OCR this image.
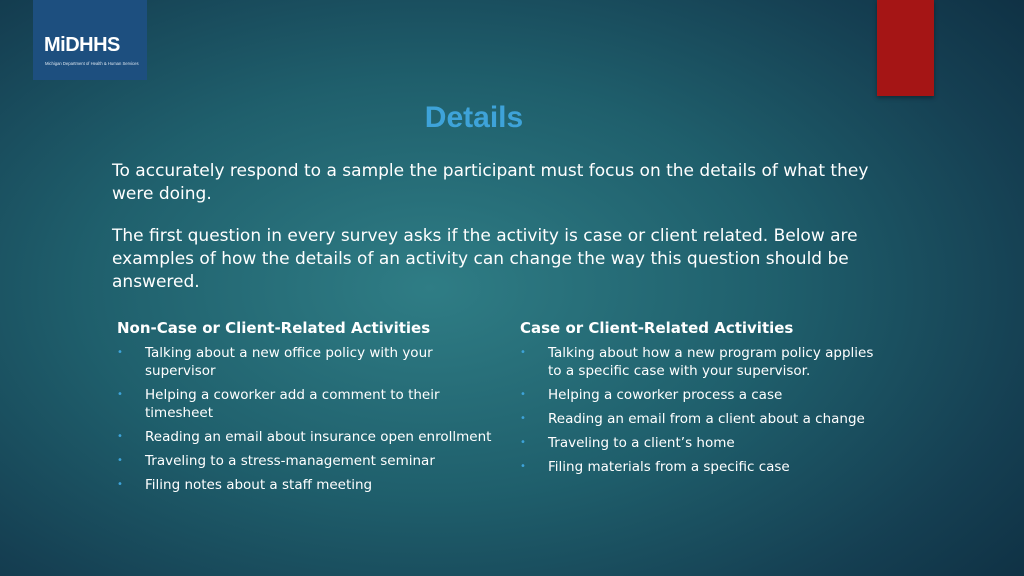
MiDHHS
Michigan Department of Health & Human Services
Details
To accurately respond to a sample the participant must focus on the details of what they were doing.
The first question in every survey asks if the activity is case or client related. Below are examples of how the details of an activity can change the way this question should be answered.
Non-Case or Client-Related Activities
• Talking about a new office policy with your supervisor
• Helping a coworker add a comment to their timesheet
• Reading an email about insurance open enrollment
• Traveling to a stress-management seminar
• Filing notes about a staff meeting
Case or Client-Related Activities
• Talking about how a new program policy applies to a specific case with your supervisor.
• Helping a coworker process a case
• Reading an email from a client about a change
• Traveling to a client’s home
• Filing materials from a specific case
